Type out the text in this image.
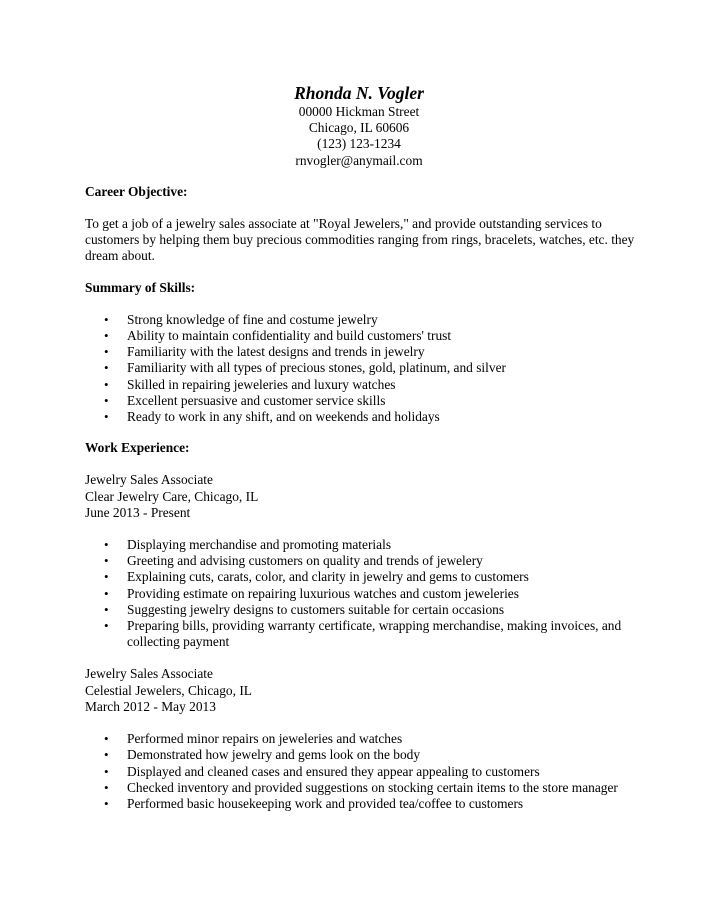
Rhonda N. Vogler
00000 Hickman Street
Chicago, IL 60606
(123) 123-1234
rnvogler@anymail.com
Career Objective:
To get a job of a jewelry sales associate at "Royal Jewelers," and provide outstanding services to customers by helping them buy precious commodities ranging from rings, bracelets, watches, etc. they dream about.
Summary of Skills:
• Strong knowledge of fine and costume jewelry
• Ability to maintain confidentiality and build customers' trust
• Familiarity with the latest designs and trends in jewelry
• Familiarity with all types of precious stones, gold, platinum, and silver
• Skilled in repairing jeweleries and luxury watches
• Excellent persuasive and customer service skills
• Ready to work in any shift, and on weekends and holidays
Work Experience:
Jewelry Sales Associate
Clear Jewelry Care, Chicago, IL
June 2013 - Present
• Displaying merchandise and promoting materials
• Greeting and advising customers on quality and trends of jewelery
• Explaining cuts, carats, color, and clarity in jewelry and gems to customers
• Providing estimate on repairing luxurious watches and custom jeweleries
• Suggesting jewelry designs to customers suitable for certain occasions
• Preparing bills, providing warranty certificate, wrapping merchandise, making invoices, and collecting payment
Jewelry Sales Associate
Celestial Jewelers, Chicago, IL
March 2012 - May 2013
• Performed minor repairs on jeweleries and watches
• Demonstrated how jewelry and gems look on the body
• Displayed and cleaned cases and ensured they appear appealing to customers
• Checked inventory and provided suggestions on stocking certain items to the store manager
• Performed basic housekeeping work and provided tea/coffee to customers
